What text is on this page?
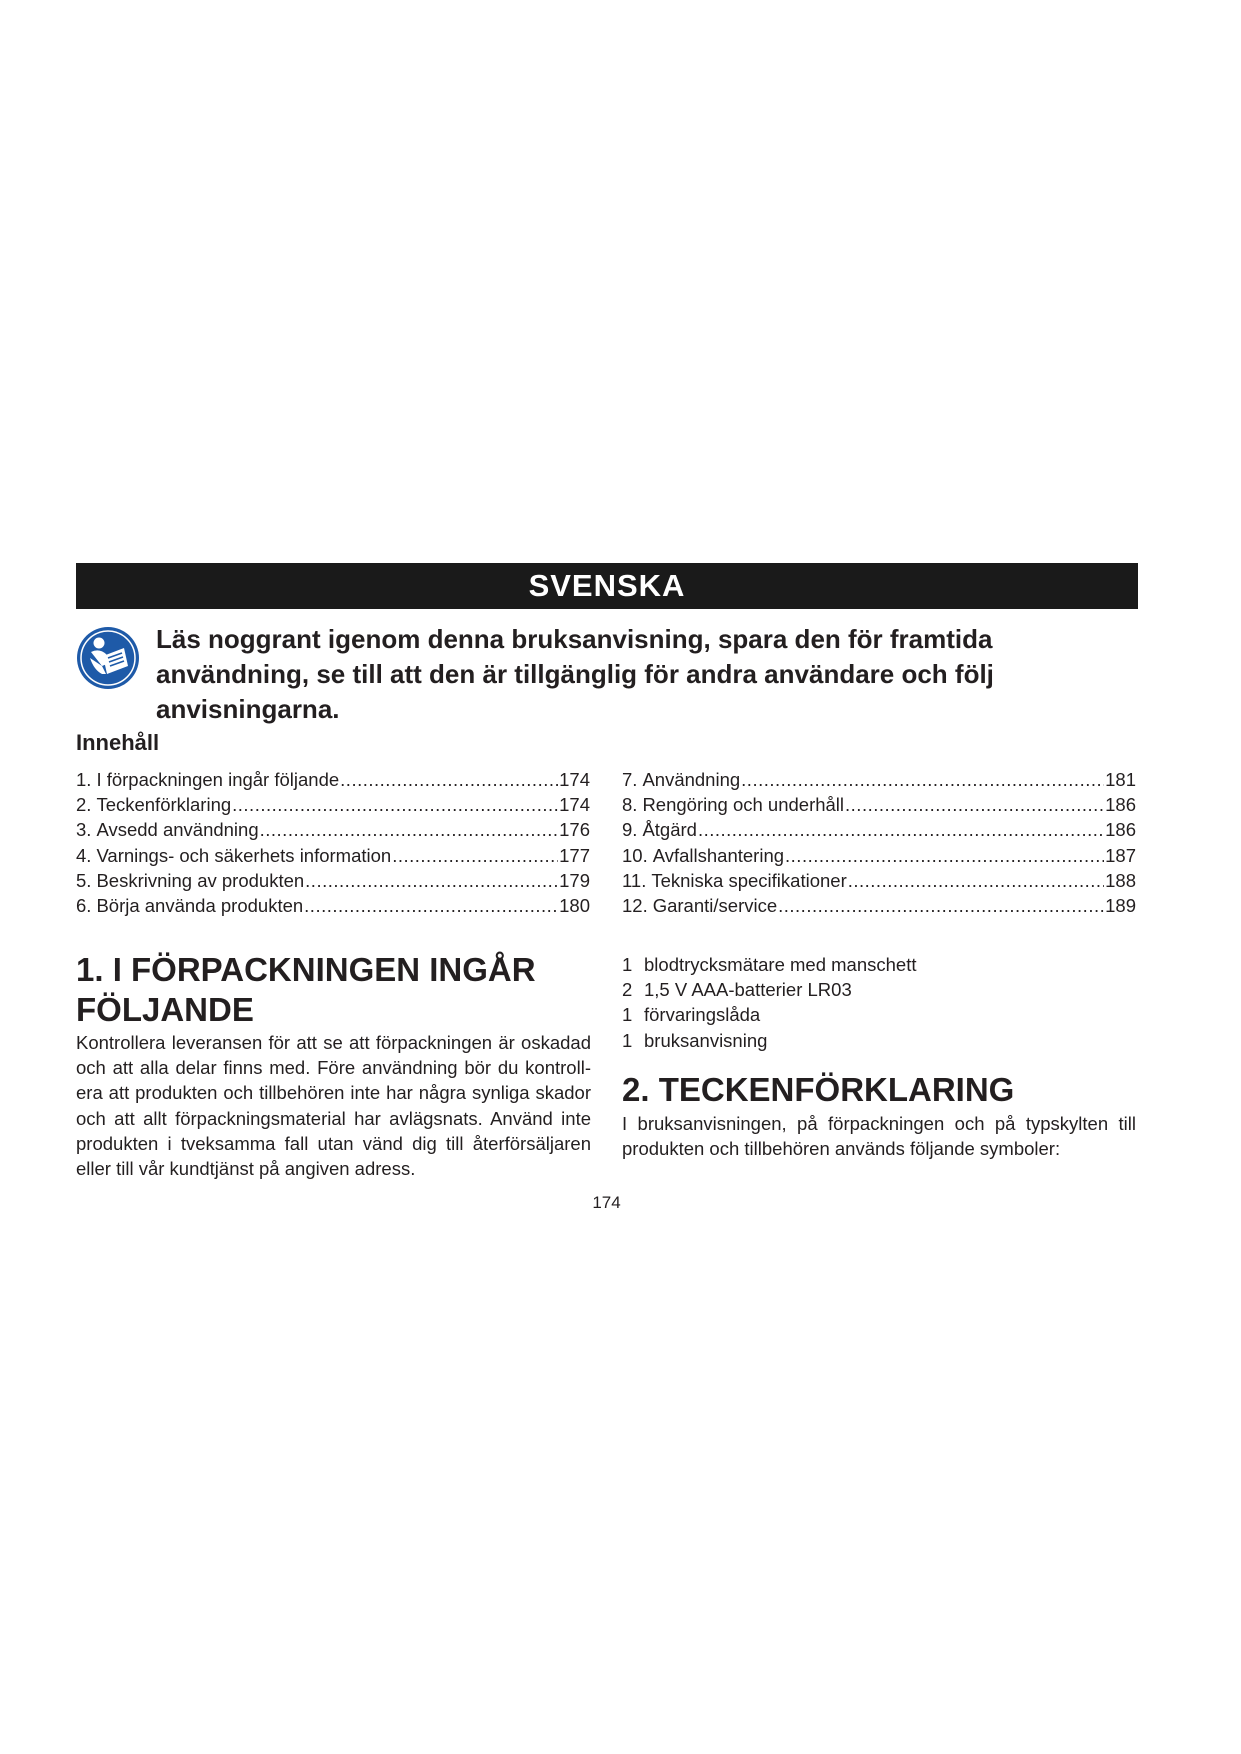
SVENSKA
Läs noggrant igenom denna bruksanvisning, spara den för framtida användning, se till att den är tillgänglig för andra användare och följ anvisningarna.
Innehåll
1. I förpackningen ingår följande .....	174
2. Teckenförklaring .....	174
3. Avsedd användning .....	176
4. Varnings- och säkerhets information .....	177
5. Beskrivning av produkten .....	179
6. Börja använda produkten .....	180
7. Användning .....	181
8. Rengöring och underhåll .....	186
9. Åtgärd .....	186
10. Avfallshantering .....	187
11. Tekniska specifikationer .....	188
12. Garanti/service .....	189
1. I FÖRPACKNINGEN INGÅR FÖLJANDE
Kontrollera leveransen för att se att förpackningen är oskadad och att alla delar finns med. Före användning bör du kontrollera att produkten och tillbehören inte har några synliga skador och att allt förpackningsmaterial har avlägsnats. Använd inte produkten i tveksamma fall utan vänd dig till återförsäljaren eller till vår kundtjänst på angiven adress.
1 blodtrycksmätare med manschett
2 1,5 V AAA-batterier LR03
1 förvaringslåda
1 bruksanvisning
2. TECKENFÖRKLARING
I bruksanvisningen, på förpackningen och på typskylten till produkten och tillbehören används följande symboler:
174
